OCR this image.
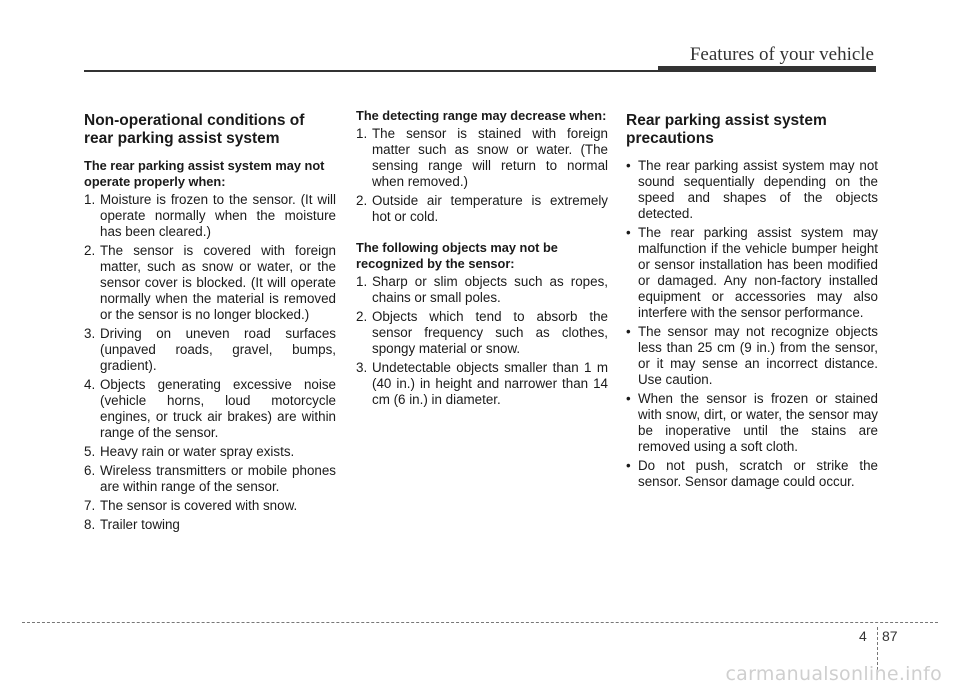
Features of your vehicle
Non-operational conditions of rear parking assist system

The rear parking assist system may not operate properly when:

1. Moisture is frozen to the sensor. (It will operate normally when the moisture has been cleared.)
2. The sensor is covered with foreign matter, such as snow or water, or the sensor cover is blocked. (It will operate normally when the material is removed or the sensor is no longer blocked.)
3. Driving on uneven road surfaces (unpaved roads, gravel, bumps, gradient).
4. Objects generating excessive noise (vehicle horns, loud motorcycle engines, or truck air brakes) are within range of the sensor.
5. Heavy rain or water spray exists.
6. Wireless transmitters or mobile phones are within range of the sensor.
7. The sensor is covered with snow.
8. Trailer towing

The detecting range may decrease when:

1. The sensor is stained with foreign matter such as snow or water. (The sensing range will return to normal when removed.)
2. Outside air temperature is extremely hot or cold.

The following objects may not be recognized by the sensor:

1. Sharp or slim objects such as ropes, chains or small poles.
2. Objects which tend to absorb the sensor frequency such as clothes, spongy material or snow.
3. Undetectable objects smaller than 1 m (40 in.) in height and narrower than 14 cm (6 in.) in diameter.
Rear parking assist system precautions
• The rear parking assist system may not sound sequentially depending on the speed and shapes of the objects detected.
• The rear parking assist system may malfunction if the vehicle bumper height or sensor installation has been modified or damaged. Any non-factory installed equipment or accessories may also interfere with the sensor performance.
• The sensor may not recognize objects less than 25 cm (9 in.) from the sensor, or it may sense an incorrect distance. Use caution.
• When the sensor is frozen or stained with snow, dirt, or water, the sensor may be inoperative until the stains are removed using a soft cloth.
• Do not push, scratch or strike the sensor. Sensor damage could occur.
4 87
carmanualsonline.info
